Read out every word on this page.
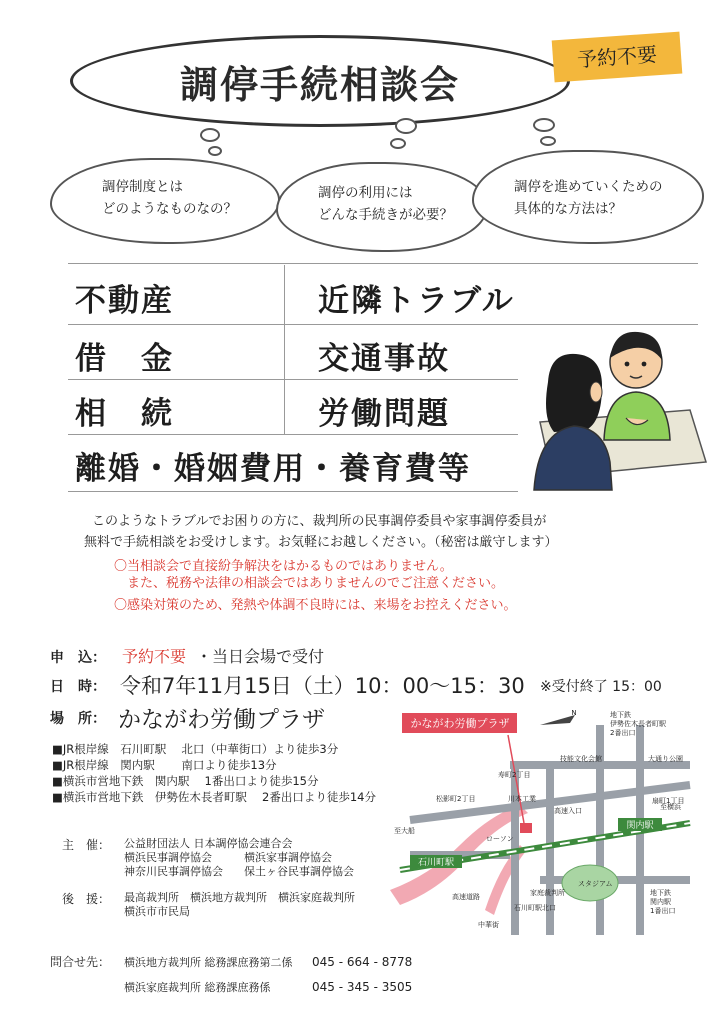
調停手続相談会
予約不要
調停制度とは
どのようなものなの？
調停の利用には
どんな手続きが必要？
調停を進めていくための
具体的な方法は？
不動産	近隣トラブル
借　金	交通事故
相　続	労働問題
離婚・婚姻費用・養育費等
このようなトラブルでお困りの方に、裁判所の民事調停委員や家事調停委員が
無料で手続相談をお受けします。お気軽にお越しください。（秘密は厳守します）
〇当相談会で直接紛争解決をはかるものではありません。
　また、税務や法律の相談会ではありませんのでご注意ください。
〇感染対策のため、発熱や体調不良時には、来場をお控えください。
申　込： 予約不要 ・当日会場で受付
日　時： 令和7年11月15日（土）10：00〜15：30 ※受付終了 15：00
場　所： かながわ労働プラザ
■JR根岸線　石川町駅　 北口（中華街口）より徒歩3分
■JR根岸線　関内駅　　 南口より徒歩13分
■横浜市営地下鉄　関内駅　 1番出口より徒歩15分
■横浜市営地下鉄　伊勢佐木長者町駅　 2番出口より徒歩14分
主　催： 公益財団法人 日本調停協会連合会
横浜民事調停協会	横浜家事調停協会
神奈川民事調停協会 保土ヶ谷民事調停協会
後　援： 最高裁判所　横浜地方裁判所　横浜家庭裁判所
横浜市市民局
問合せ先： 横浜地方裁判所 総務課庶務第二係 045 - 664 - 8778
横浜家庭裁判所 総務課庶務係	045 - 345 - 3505
かながわ労働プラザ
N	地下鉄
伊勢佐木長者町駅
2番出口
大通り公園
技能文化会館
扇町1丁目
寿町2丁目
松影町2丁目	川本工業
高速入口
至大船
ローソン
地下鉄
関内駅
1番出口
高速道路	家庭裁判所
石川町駅北口
中華街
スタジアム
至横浜
石川町駅
関内駅
